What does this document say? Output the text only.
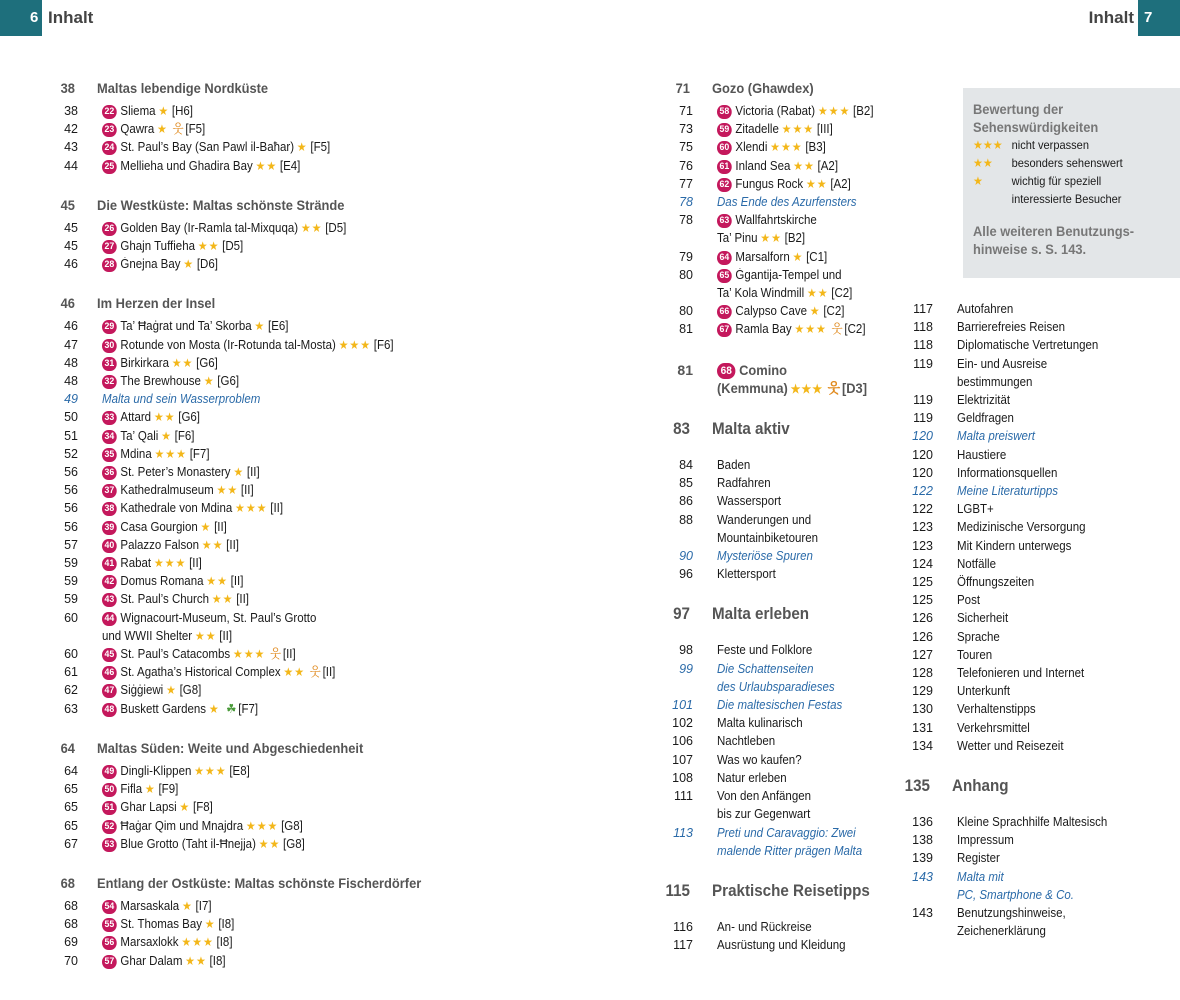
6 Inhalt	Inhalt 7
38 Maltas lebendige Nordküste
38	22 Sliema ★ [H6]
42	23 Qawra ★ 웃 [F5]
43	24 St. Paul’s Bay (San Pawl il-Baħar) ★ [F5]
44	25 Mellieha und Ghadira Bay ★★ [E4]
45 Die Westküste: Maltas schönste Strände
45	26 Golden Bay (Ir-Ramla tal-Mixquqa) ★★ [D5]
45	27 Ghajn Tuffieha ★★ [D5]
46	28 Ġnejna Bay ★ [D6]
46 Im Herzen der Insel
46	29 Ta’ Ħaġrat und Ta’ Skorba ★ [E6]
47	30 Rotunde von Mosta (Ir-Rotunda tal-Mosta) ★★★ [F6]
48	31 Birkirkara ★★ [G6]
48	32 The Brewhouse ★ [G6]
49 Malta und sein Wasserproblem
50	33 Attard ★★ [G6]
51	34 Ta’ Qali ★ [F6]
52	35 Mdina ★★★ [F7]
56	36 St. Peter’s Monastery ★ [II]
56	37 Kathedralmuseum ★★ [II]
56	38 Kathedrale von Mdina ★★★ [II]
56	39 Casa Gourgion ★ [II]
57	40 Palazzo Falson ★★ [II]
59	41 Rabat ★★★ [II]
59	42 Domus Romana ★★ [II]
59	43 St. Paul’s Church ★★ [II]
60	44 Wignacourt-Museum, St. Paul’s Grotto
und WWII Shelter ★★ [II]
60	45 St. Paul’s Catacombs ★★★ 웃 [II]
61	46 St. Agatha’s Historical Complex ★★ 웃 [II]
62	47 Siġġiewi ★ [G8]
63	48 Buskett Gardens ★ ☘ [F7]
64 Maltas Süden: Weite und Abgeschiedenheit
64	49 Dingli-Klippen ★★★ [E8]
65	50 Fifla ★ [F9]
65	51 Ghar Lapsi ★ [F8]
65	52 Ħaġar Qim und Mnajdra ★★★ [G8]
67	53 Blue Grotto (Taht il-Ħnejja) ★★ [G8]
68 Entlang der Ostküste: Maltas schönste Fischerdörfer
68	54 Marsaskala ★ [I7]
68	55 St. Thomas Bay ★ [I8]
69	56 Marsaxlokk ★★★ [I8]
70	57 Ghar Dalam ★★ [I8]
71 Gozo (Ghawdex)
71	58 Victoria (Rabat) ★★★ [B2]
73	59 Zitadelle ★★★ [III]
75	60 Xlendi ★★★ [B3]
76	61 Inland Sea ★★ [A2]
77	62 Fungus Rock ★★ [A2]
78 Das Ende des Azurfensters
78	63 Wallfahrtskirche
Ta’ Pinu ★★ [B2]
79	64 Marsalforn ★ [C1]
80	65 Ġgantija-Tempel und
Ta’ Kola Windmill ★★ [C2]
80	66 Calypso Cave ★ [C2]
81	67 Ramla Bay ★★★ 웃 [C2]
81	68 Comino
(Kemmuna) ★★★ 웃 [D3]
83 Malta aktiv
84 Baden
85 Radfahren
86 Wassersport
88 Wanderungen und
Mountainbiketouren
90 Mysteriöse Spuren
96 Klettersport
97 Malta erleben
98 Feste und Folklore
99 Die Schattenseiten
des Urlaubsparadieses
101 Die maltesischen Festas
102 Malta kulinarisch
106 Nachtleben
107 Was wo kaufen?
108 Natur erleben
111 Von den Anfängen
bis zur Gegenwart
113 Preti und Caravaggio: Zwei
malende Ritter prägen Malta
115 Praktische Reisetipps
116 An- und Rückreise
117 Ausrüstung und Kleidung
117 Autofahren
118 Barrierefreies Reisen
118 Diplomatische Vertretungen
119 Ein- und Ausreise
bestimmungen
119 Elektrizität
119 Geldfragen
120 Malta preiswert
120 Haustiere
120 Informationsquellen
122 Meine Literaturtipps
122 LGBT+
123 Medizinische Versorgung
123 Mit Kindern unterwegs
124 Notfälle
125 Öffnungszeiten
125 Post
126 Sicherheit
126 Sprache
127 Touren
128 Telefonieren und Internet
129 Unterkunft
130 Verhaltenstipps
131 Verkehrsmittel
134 Wetter und Reisezeit
135 Anhang
136 Kleine Sprachhilfe Maltesisch
138 Impressum
139 Register
143 Malta mit
PC, Smartphone & Co.
143 Benutzungshinweise,
Zeichenerklärung
Bewertung der
Sehenswürdigkeiten
★★★ nicht verpassen
★★	besonders sehenswert
★	wichtig für speziell
interessierte Besucher
Alle weiteren Benutzungs-
hinweise s. S. 143.
